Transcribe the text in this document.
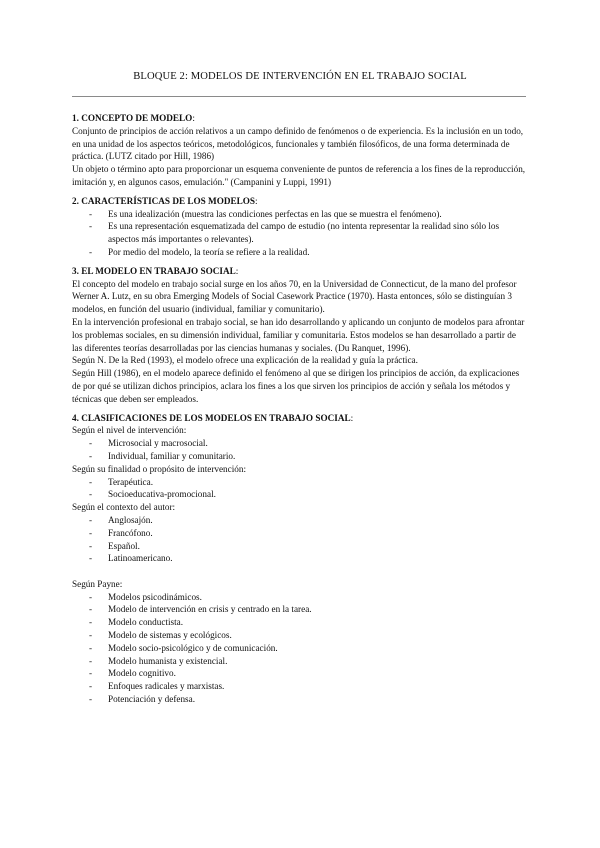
BLOQUE 2: MODELOS DE INTERVENCIÓN EN EL TRABAJO SOCIAL

1. CONCEPTO DE MODELO:

Conjunto de principios de acción relativos a un campo definido de fenómenos o de experiencia. Es la inclusión en un todo, en una unidad de los aspectos teóricos, metodológicos, funcionales y también filosóficos, de una forma determinada de práctica. (LUTZ citado por Hill, 1986)

Un objeto o término apto para proporcionar un esquema conveniente de puntos de referencia a los fines de la reproducción, imitación y, en algunos casos, emulación." (Campanini y Luppi, 1991)

2. CARACTERÍSTICAS DE LOS MODELOS:

- Es una idealización (muestra las condiciones perfectas en las que se muestra el fenómeno).
- Es una representación esquematizada del campo de estudio (no intenta representar la realidad sino sólo los aspectos más importantes o relevantes).
- Por medio del modelo, la teoría se refiere a la realidad.

3. EL MODELO EN TRABAJO SOCIAL:

El concepto del modelo en trabajo social surge en los años 70, en la Universidad de Connecticut, de la mano del profesor Werner A. Lutz, en su obra Emerging Models of Social Casework Practice (1970). Hasta entonces, sólo se distinguían 3 modelos, en función del usuario (individual, familiar y comunitario).

En la intervención profesional en trabajo social, se han ido desarrollando y aplicando un conjunto de modelos para afrontar los problemas sociales, en su dimensión individual, familiar y comunitaria. Estos modelos se han desarrollado a partir de las diferentes teorías desarrolladas por las ciencias humanas y sociales. (Du Ranquet, 1996).

Según N. De la Red (1993), el modelo ofrece una explicación de la realidad y guía la práctica.

Según Hill (1986), en el modelo aparece definido el fenómeno al que se dirigen los principios de acción, da explicaciones de por qué se utilizan dichos principios, aclara los fines a los que sirven los principios de acción y señala los métodos y técnicas que deben ser empleados.

4. CLASIFICACIONES DE LOS MODELOS EN TRABAJO SOCIAL:

Según el nivel de intervención:

- Microsocial y macrosocial.
- Individual, familiar y comunitario.

Según su finalidad o propósito de intervención:

- Terapéutica.
- Socioeducativa-promocional.

Según el contexto del autor:

- Anglosajón.
- Francófono.
- Español.
- Latinoamericano.

Según Payne:

- Modelos psicodinámicos.
- Modelo de intervención en crisis y centrado en la tarea.
- Modelo conductista.
- Modelo de sistemas y ecológicos.
- Modelo socio-psicológico y de comunicación.
- Modelo humanista y existencial.
- Modelo cognitivo.
- Enfoques radicales y marxistas.
- Potenciación y defensa.
